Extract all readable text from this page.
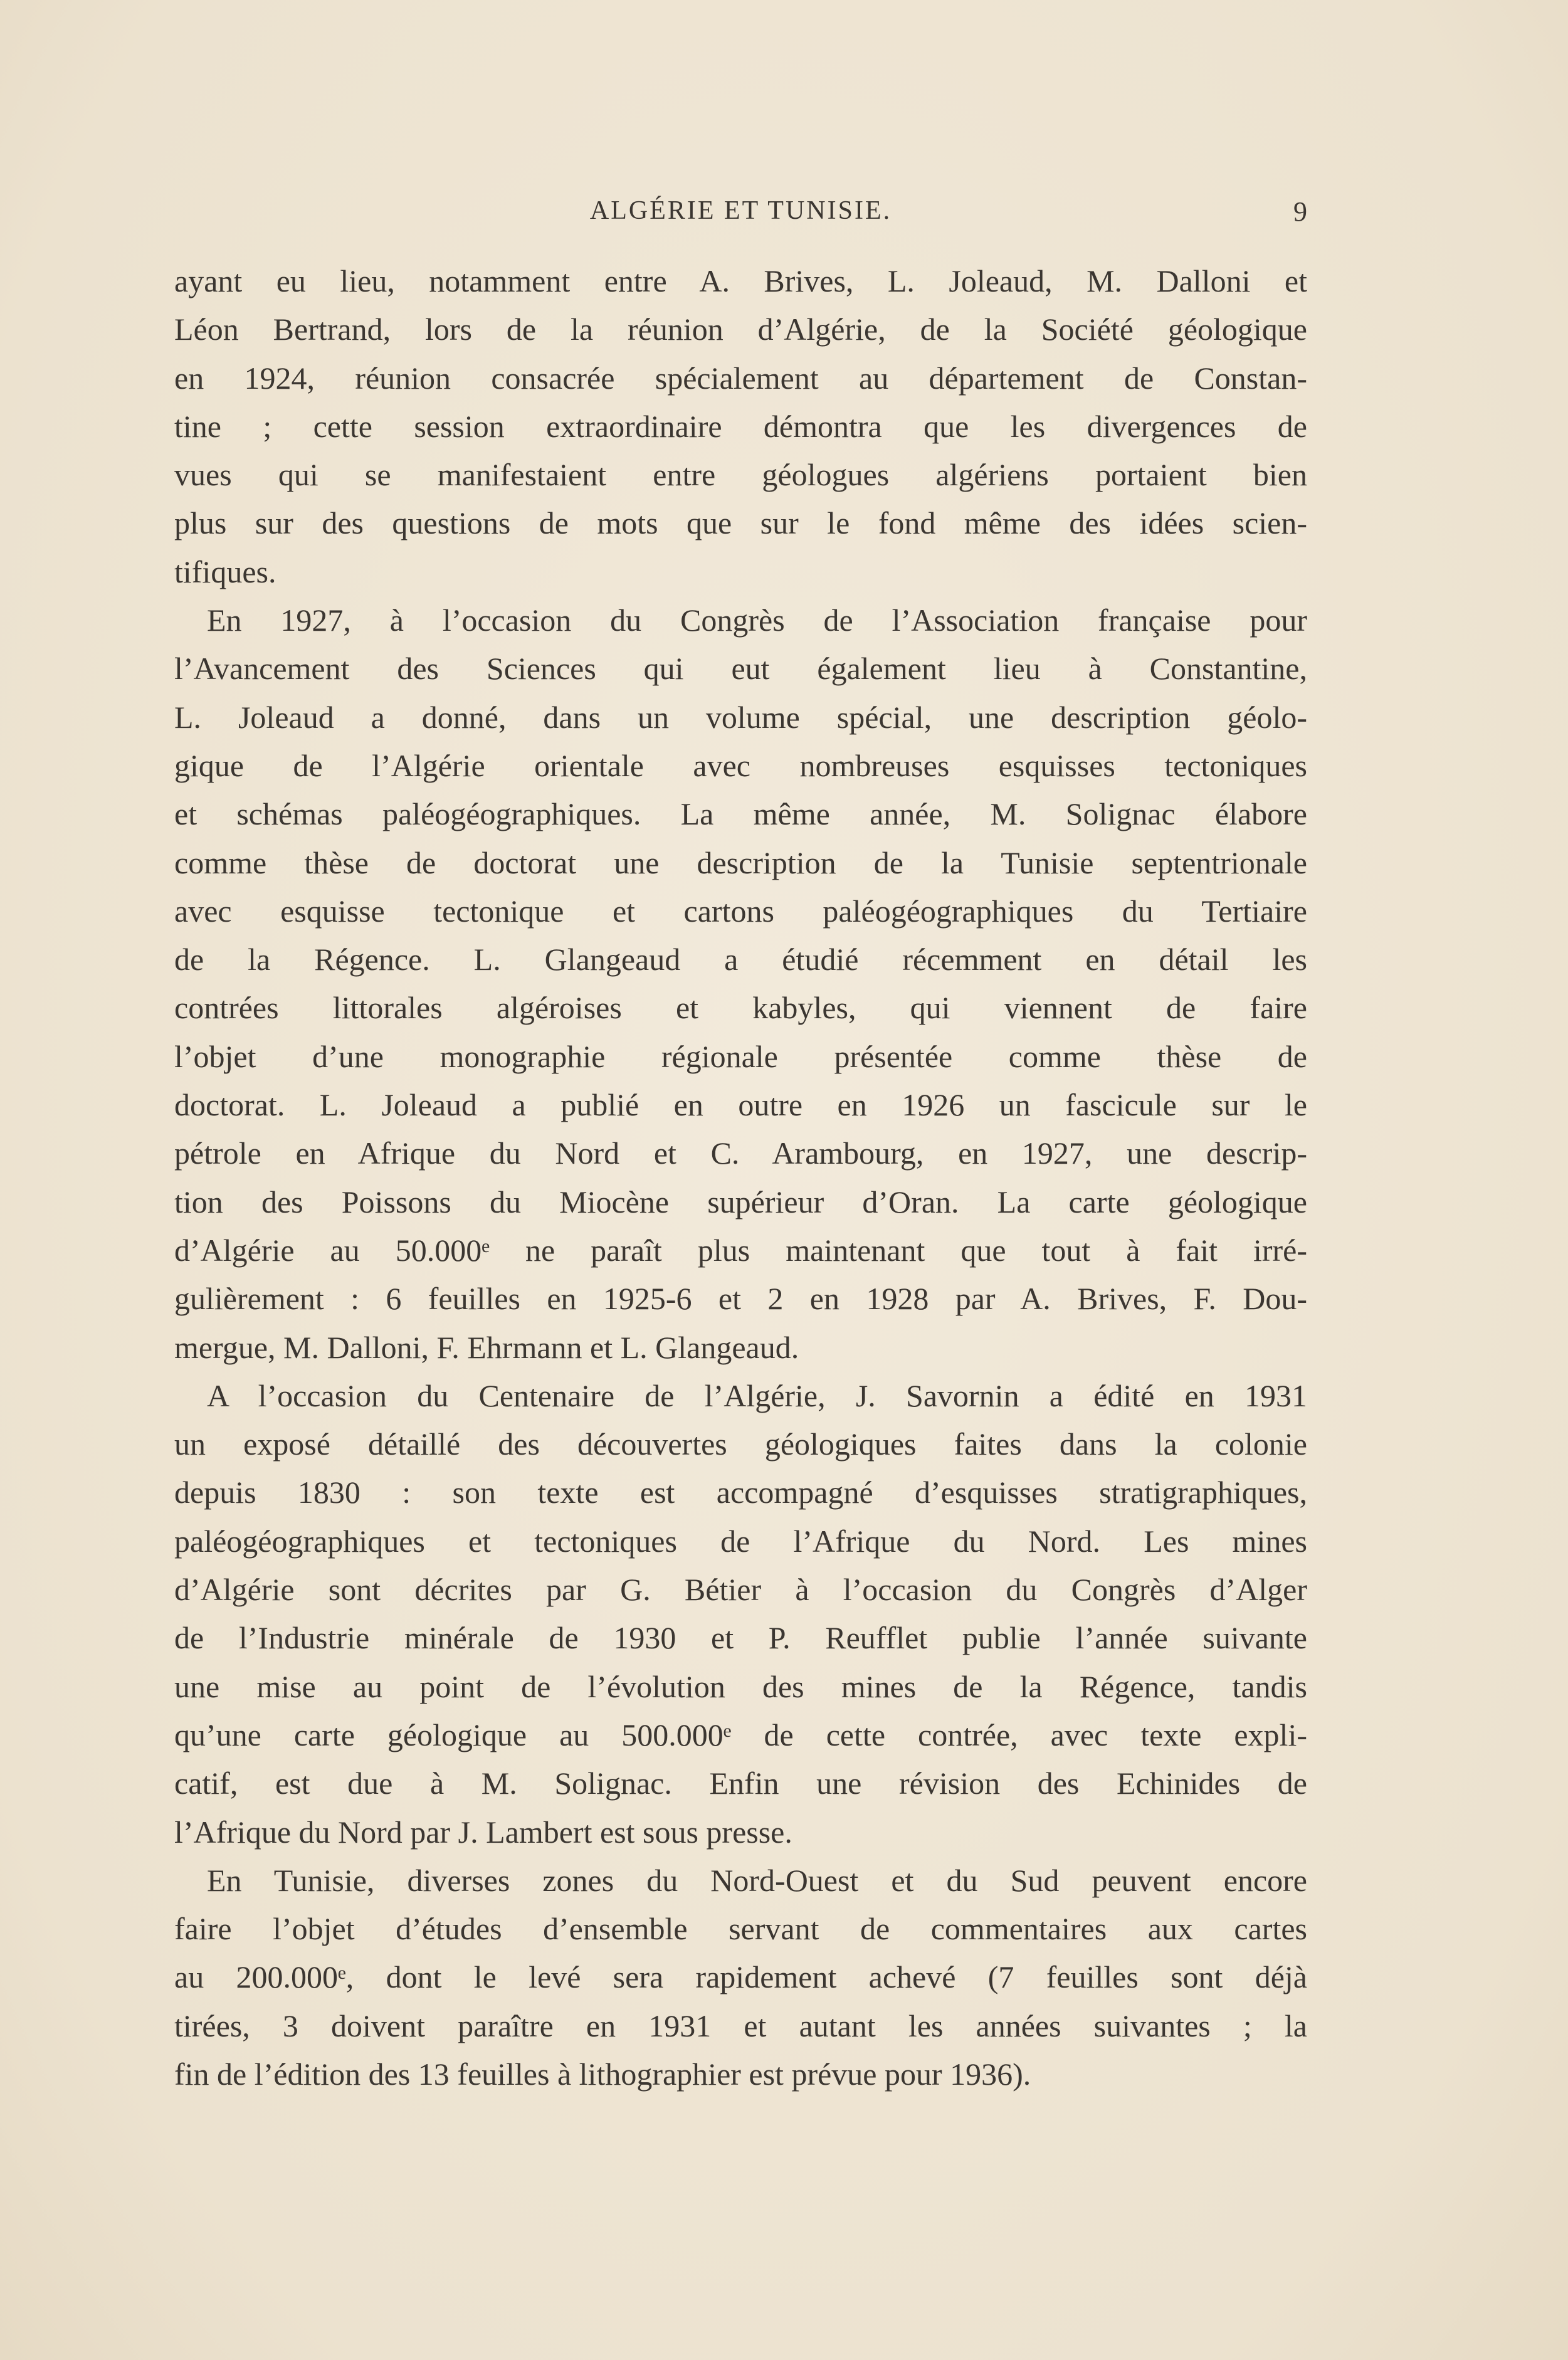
ALGÉRIE ET TUNISIE.	9
ayant eu lieu, notamment entre A. Brives, L. Joleaud, M. Dalloni et
Léon Bertrand, lors de la réunion d’Algérie, de la Société géologique
en 1924, réunion consacrée spécialement au département de Constan-
tine ; cette session extraordinaire démontra que les divergences de
vues qui se manifestaient entre géologues algériens portaient bien
plus sur des questions de mots que sur le fond même des idées scien-
tifiques.
En 1927, à l’occasion du Congrès de l’Association française pour
l’Avancement des Sciences qui eut également lieu à Constantine,
L. Joleaud a donné, dans un volume spécial, une description géolo-
gique de l’Algérie orientale avec nombreuses esquisses tectoniques
et schémas paléogéographiques. La même année, M. Solignac élabore
comme thèse de doctorat une description de la Tunisie septentrionale
avec esquisse tectonique et cartons paléogéographiques du Tertiaire
de la Régence. L. Glangeaud a étudié récemment en détail les
contrées littorales algéroises et kabyles, qui viennent de faire
l’objet d’une monographie régionale présentée comme thèse de
doctorat. L. Joleaud a publié en outre en 1926 un fascicule sur le
pétrole en Afrique du Nord et C. Arambourg, en 1927, une descrip-
tion des Poissons du Miocène supérieur d’Oran. La carte géologique
d’Algérie au 50.000ᵉ ne paraît plus maintenant que tout à fait irré-
gulièrement : 6 feuilles en 1925-6 et 2 en 1928 par A. Brives, F. Dou-
mergue, M. Dalloni, F. Ehrmann et L. Glangeaud.
A l’occasion du Centenaire de l’Algérie, J. Savornin a édité en 1931
un exposé détaillé des découvertes géologiques faites dans la colonie
depuis 1830 : son texte est accompagné d’esquisses stratigraphiques,
paléogéographiques et tectoniques de l’Afrique du Nord. Les mines
d’Algérie sont décrites par G. Bétier à l’occasion du Congrès d’Alger
de l’Industrie minérale de 1930 et P. Reufflet publie l’année suivante
une mise au point de l’évolution des mines de la Régence, tandis
qu’une carte géologique au 500.000ᵉ de cette contrée, avec texte expli-
catif, est due à M. Solignac. Enfin une révision des Echinides de
l’Afrique du Nord par J. Lambert est sous presse.
En Tunisie, diverses zones du Nord-Ouest et du Sud peuvent encore
faire l’objet d’études d’ensemble servant de commentaires aux cartes
au 200.000ᵉ, dont le levé sera rapidement achevé (7 feuilles sont déjà
tirées, 3 doivent paraître en 1931 et autant les années suivantes ; la
fin de l’édition des 13 feuilles à lithographier est prévue pour 1936).
